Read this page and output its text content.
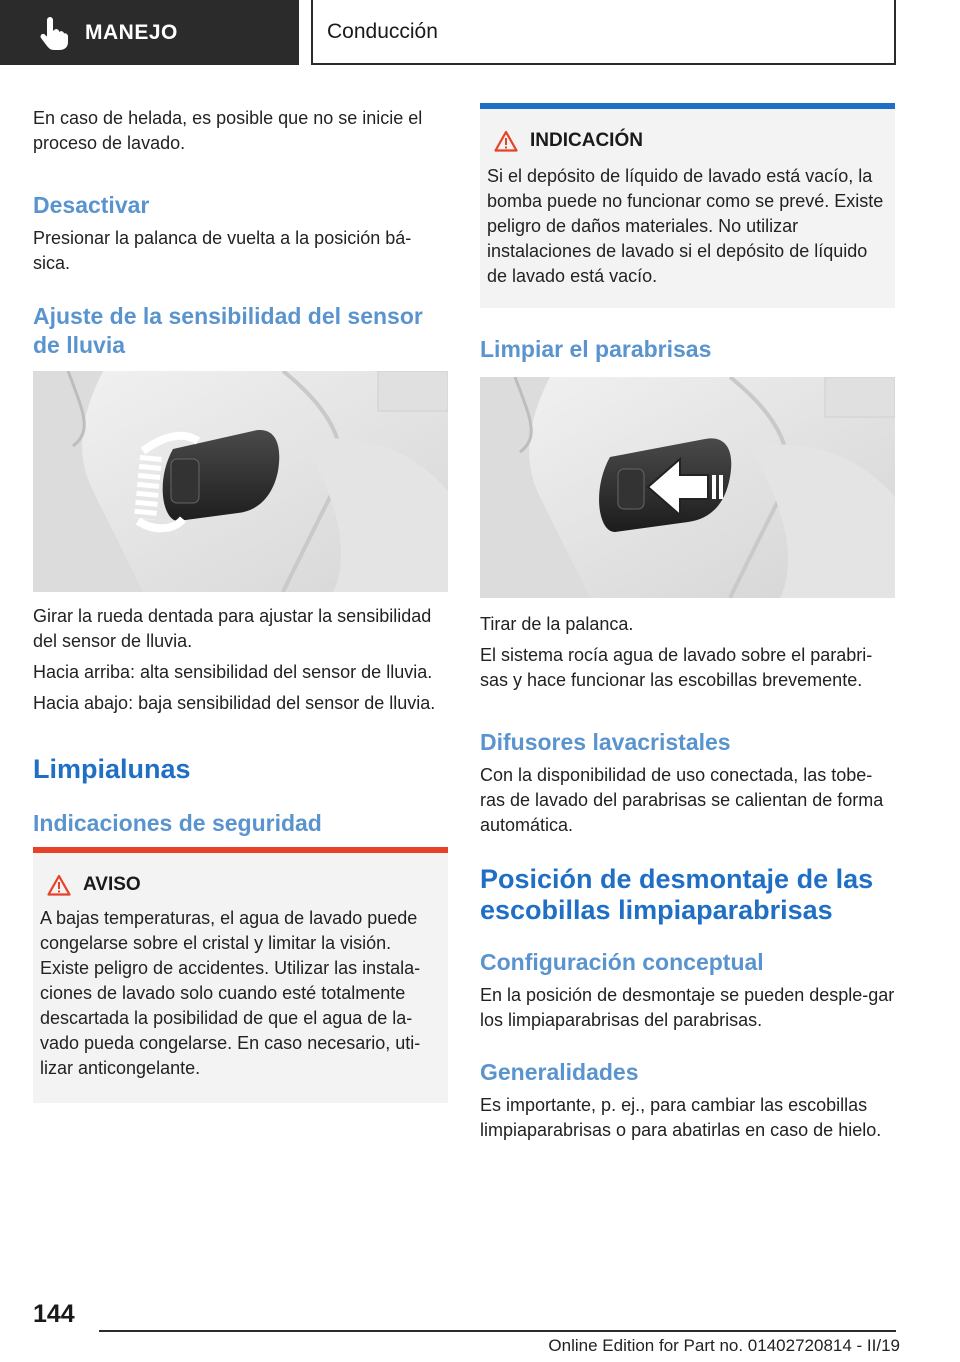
MANEJO	Conducción
En caso de helada, es posible que no se inicie el proceso de lavado.
Desactivar
Presionar la palanca de vuelta a la posición bá-sica.
Ajuste de la sensibilidad del sensor de lluvia
Girar la rueda dentada para ajustar la sensibilidad del sensor de lluvia.
Hacia arriba: alta sensibilidad del sensor de lluvia.
Hacia abajo: baja sensibilidad del sensor de lluvia.
Limpialunas
Indicaciones de seguridad
AVISO
A bajas temperaturas, el agua de lavado puede congelarse sobre el cristal y limitar la visión. Existe peligro de accidentes. Utilizar las instala-ciones de lavado solo cuando esté totalmente descartada la posibilidad de que el agua de la-vado pueda congelarse. En caso necesario, uti-lizar anticongelante.
INDICACIÓN
Si el depósito de líquido de lavado está vacío, la bomba puede no funcionar como se prevé. Existe peligro de daños materiales. No utilizar instalaciones de lavado si el depósito de líquido de lavado está vacío.
Limpiar el parabrisas
Tirar de la palanca.
El sistema rocía agua de lavado sobre el parabri-sas y hace funcionar las escobillas brevemente.
Difusores lavacristales
Con la disponibilidad de uso conectada, las tobe-ras de lavado del parabrisas se calientan de forma automática.
Posición de desmontaje de las escobillas limpiaparabrisas
Configuración conceptual
En la posición de desmontaje se pueden desple-gar los limpiaparabrisas del parabrisas.
Generalidades
Es importante, p. ej., para cambiar las escobillas limpiaparabrisas o para abatirlas en caso de hielo.
144
Online Edition for Part no. 01402720814 - II/19
